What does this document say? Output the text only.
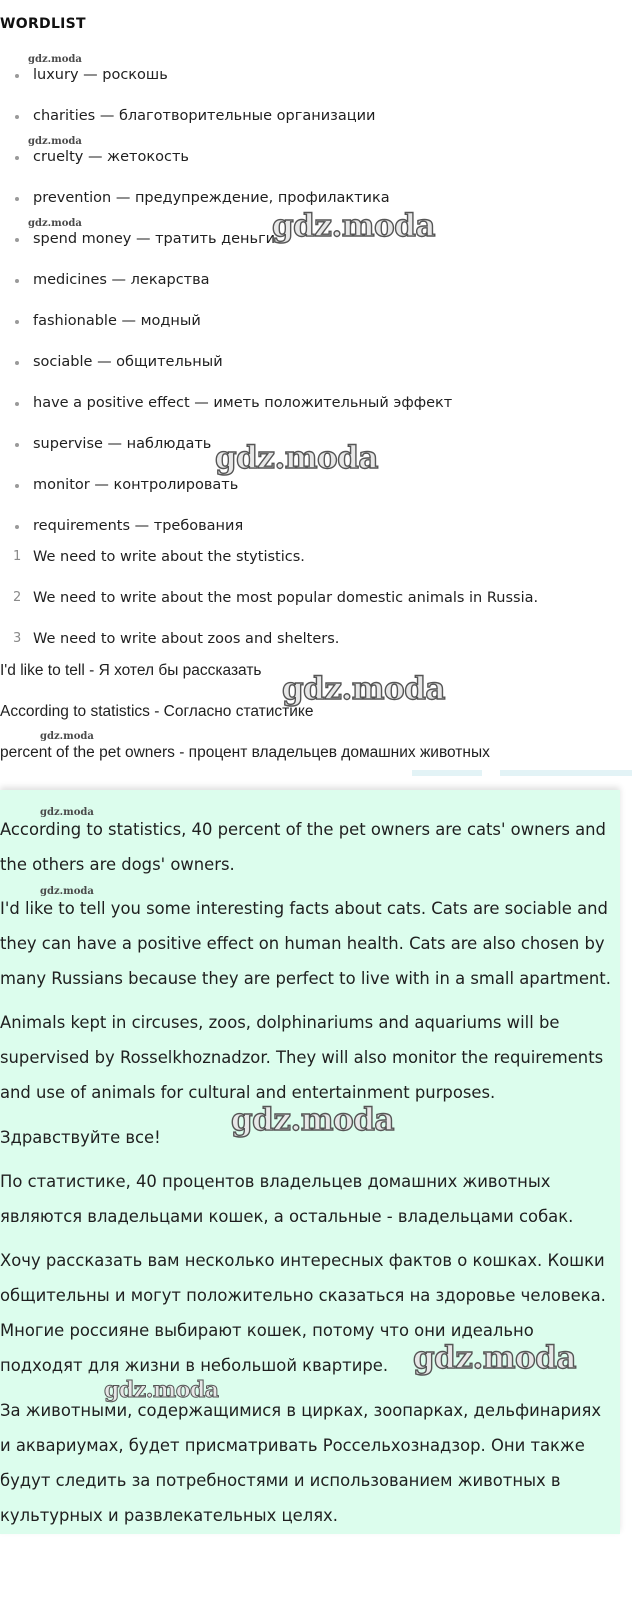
WORDLIST
luxury — роскошь
charities — благотворительные организации
cruelty — жетокость
prevention — предупреждение, профилактика
spend money — тратить деньги
medicines — лекарства
fashionable — модный
sociable — общительный
have a positive effect — иметь положительный эффект
supervise — наблюдать
monitor — контролировать
requirements — требования
1 We need to write about the stytistics.
2 We need to write about the most popular domestic animals in Russia.
3 We need to write about zoos and shelters.
I'd like to tell - Я хотел бы рассказать
According to statistics - Согласно статистике
percent of the pet owners - процент владельцев домашних животных

According to statistics, 40 percent of the pet owners are cats' owners and the others are dogs' owners.

I'd like to tell you some interesting facts about cats. Cats are sociable and they can have a positive effect on human health. Cats are also chosen by many Russians because they are perfect to live with in a small apartment.

Animals kept in circuses, zoos, dolphinariums and aquariums will be supervised by Rosselkhoznadzor. They will also monitor the requirements and use of animals for cultural and entertainment purposes.

Здравствуйте все!

По статистике, 40 процентов владельцев домашних животных являются владельцами кошек, а остальные - владельцами собак.

Хочу рассказать вам несколько интересных фактов о кошках. Кошки общительны и могут положительно сказаться на здоровье человека. Многие россияне выбирают кошек, потому что они идеально подходят для жизни в небольшой квартире.

За животными, содержащимися в цирках, зоопарках, дельфинариях и аквариумах, будет присматривать Россельхознадзор. Они также будут следить за потребностями и использованием животных в культурных и развлекательных целях.

gdz.moda
gdz.moda
gdz.moda
gdz.moda
gdz.moda
gdz.moda
gdz.moda
gdz.moda
gdz.moda
gdz.moda
gdz.moda
gdz.moda
